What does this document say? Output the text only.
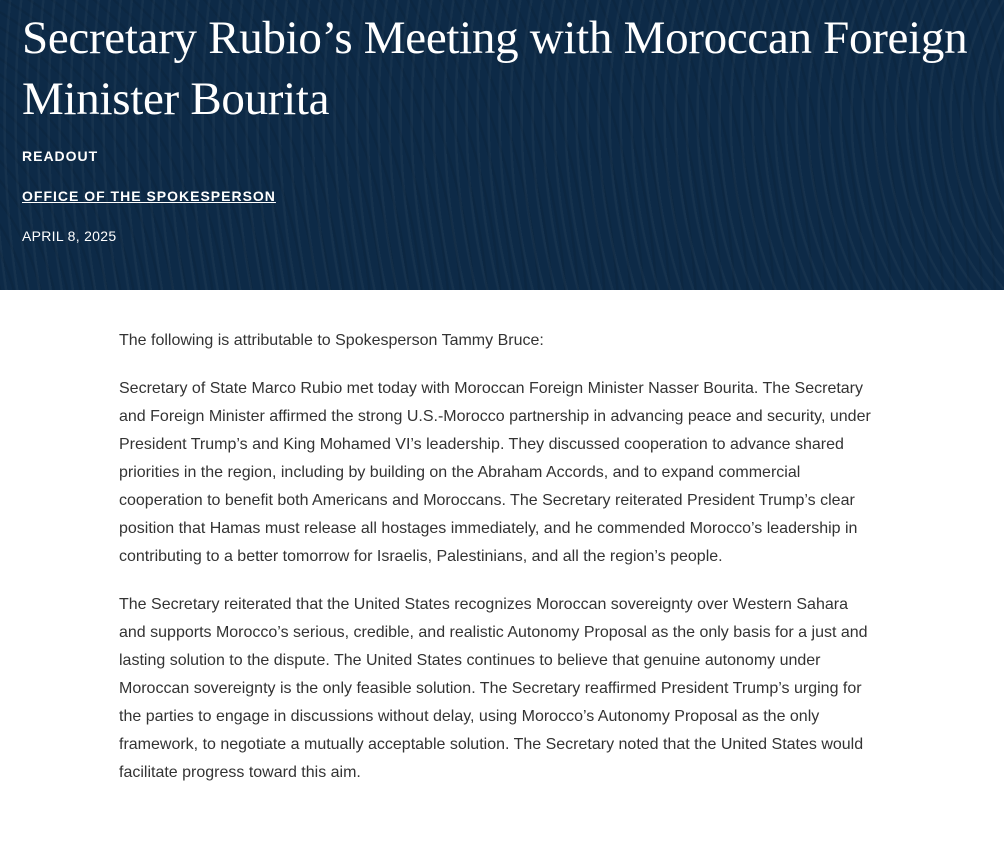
Secretary Rubio’s Meeting with Moroccan Foreign Minister Bourita
READOUT
OFFICE OF THE SPOKESPERSON
APRIL 8, 2025

The following is attributable to Spokesperson Tammy Bruce:

Secretary of State Marco Rubio met today with Moroccan Foreign Minister Nasser Bourita. The Secretary and Foreign Minister affirmed the strong U.S.-Morocco partnership in advancing peace and security, under President Trump’s and King Mohamed VI’s leadership. They discussed cooperation to advance shared priorities in the region, including by building on the Abraham Accords, and to expand commercial cooperation to benefit both Americans and Moroccans. The Secretary reiterated President Trump’s clear position that Hamas must release all hostages immediately, and he commended Morocco’s leadership in contributing to a better tomorrow for Israelis, Palestinians, and all the region’s people.

The Secretary reiterated that the United States recognizes Moroccan sovereignty over Western Sahara and supports Morocco’s serious, credible, and realistic Autonomy Proposal as the only basis for a just and lasting solution to the dispute. The United States continues to believe that genuine autonomy under Moroccan sovereignty is the only feasible solution. The Secretary reaffirmed President Trump’s urging for the parties to engage in discussions without delay, using Morocco’s Autonomy Proposal as the only framework, to negotiate a mutually acceptable solution. The Secretary noted that the United States would facilitate progress toward this aim.
